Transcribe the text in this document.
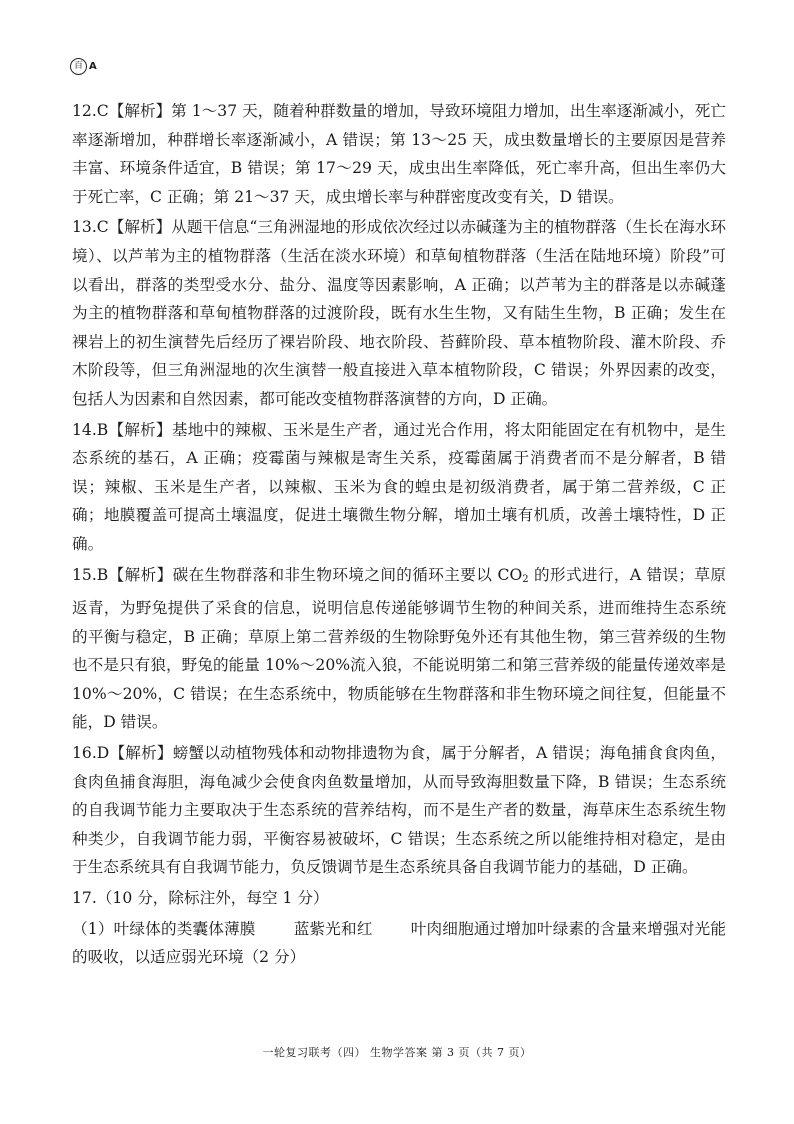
百 A

12.C【解析】第 1～37 天，随着种群数量的增加，导致环境阻力增加，出生率逐渐减小，死亡率逐渐增加，种群增长率逐渐减小，A 错误；第 13～25 天，成虫数量增长的主要原因是营养丰富、环境条件适宜，B 错误；第 17～29 天，成虫出生率降低，死亡率升高，但出生率仍大于死亡率，C 正确；第 21～37 天，成虫增长率与种群密度改变有关，D 错误。

13.C【解析】从题干信息“三角洲湿地的形成依次经过以赤碱蓬为主的植物群落（生长在海水环境）、以芦苇为主的植物群落（生活在淡水环境）和草甸植物群落（生活在陆地环境）阶段”可以看出，群落的类型受水分、盐分、温度等因素影响，A 正确；以芦苇为主的群落是以赤碱蓬为主的植物群落和草甸植物群落的过渡阶段，既有水生生物，又有陆生生物，B 正确；发生在裸岩上的初生演替先后经历了裸岩阶段、地衣阶段、苔藓阶段、草本植物阶段、灌木阶段、乔木阶段等，但三角洲湿地的次生演替一般直接进入草本植物阶段，C 错误；外界因素的改变，包括人为因素和自然因素，都可能改变植物群落演替的方向，D 正确。

14.B【解析】基地中的辣椒、玉米是生产者，通过光合作用，将太阳能固定在有机物中，是生态系统的基石，A 正确；疫霉菌与辣椒是寄生关系，疫霉菌属于消费者而不是分解者，B 错误；辣椒、玉米是生产者，以辣椒、玉米为食的蝗虫是初级消费者，属于第二营养级，C 正确；地膜覆盖可提高土壤温度，促进土壤微生物分解，增加土壤有机质，改善土壤特性，D 正确。

15.B【解析】碳在生物群落和非生物环境之间的循环主要以 $CO_2$ 的形式进行，A 错误；草原返青，为野兔提供了采食的信息，说明信息传递能够调节生物的种间关系，进而维持生态系统的平衡与稳定，B 正确；草原上第二营养级的生物除野兔外还有其他生物，第三营养级的生物也不是只有狼，野兔的能量 10%～20%流入狼，不能说明第二和第三营养级的能量传递效率是 10%～20%，C 错误；在生态系统中，物质能够在生物群落和非生物环境之间往复，但能量不能，D 错误。

16.D【解析】螃蟹以动植物残体和动物排遗物为食，属于分解者，A 错误；海龟捕食食肉鱼，食肉鱼捕食海胆，海龟减少会使食肉鱼数量增加，从而导致海胆数量下降，B 错误；生态系统的自我调节能力主要取决于生态系统的营养结构，而不是生产者的数量，海草床生态系统生物种类少，自我调节能力弱，平衡容易被破坏，C 错误；生态系统之所以能维持相对稳定，是由于生态系统具有自我调节能力，负反馈调节是生态系统具备自我调节能力的基础，D 正确。

17.（10 分，除标注外，每空 1 分）

（1）叶绿体的类囊体薄膜 蓝紫光和红 叶肉细胞通过增加叶绿素的含量来增强对光能的吸收，以适应弱光环境（2 分）

一轮复习联考（四） 生物学答案 第 3 页（共 7 页）
